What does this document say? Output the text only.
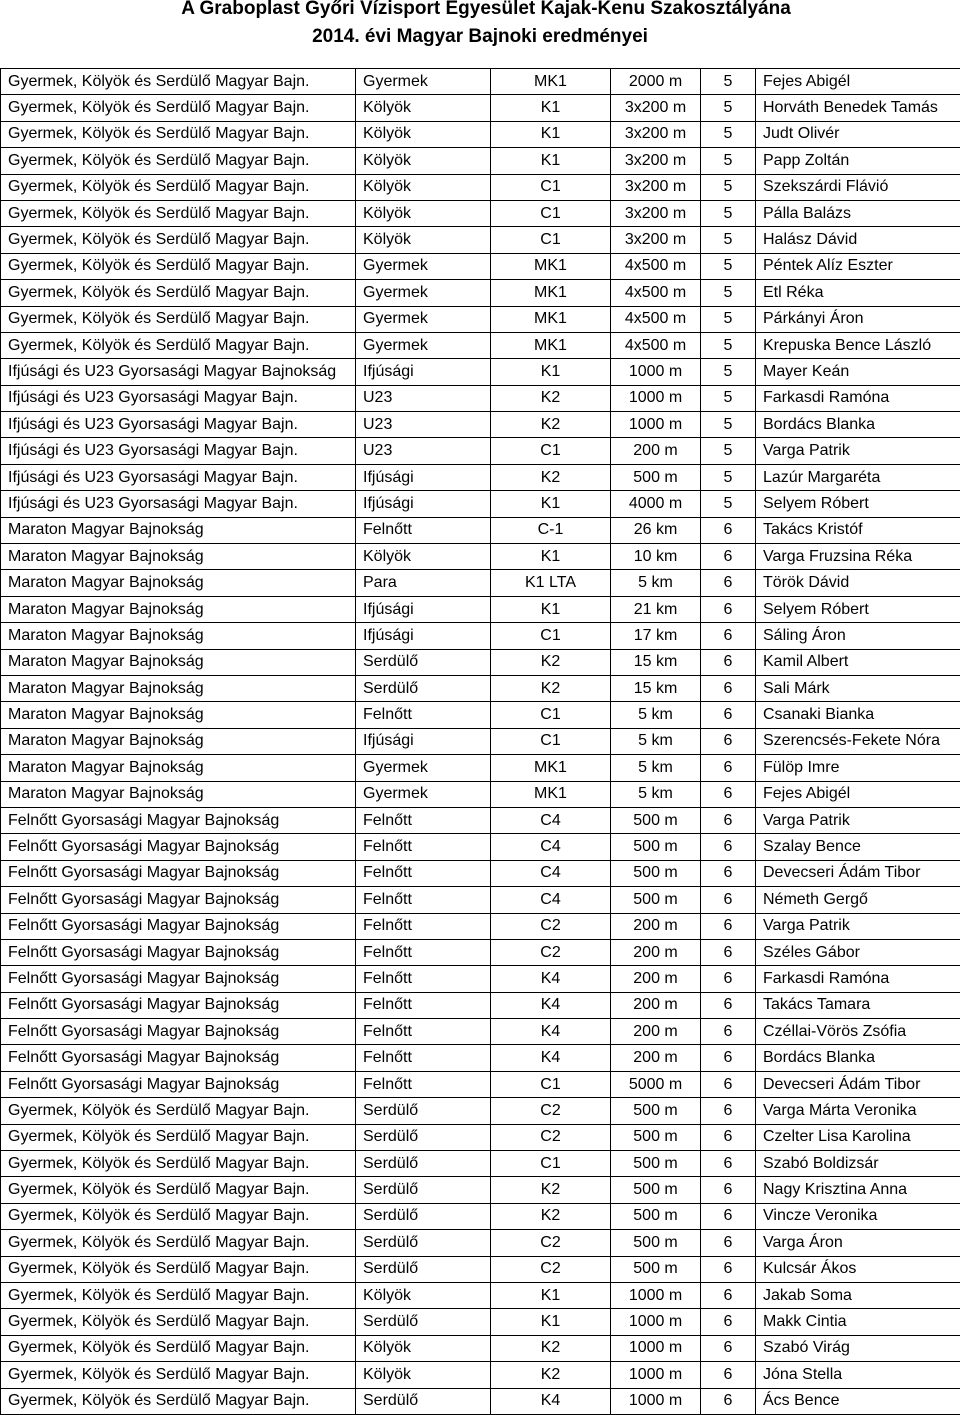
A Graboplast Győri Vízisport Egyesület Kajak-Kenu Szakosztályána
2014. évi Magyar Bajnoki eredményei
Gyermek, Kölyök és Serdülő Magyar Bajn.	Gyermek	MK1	2000 m	5	Fejes Abigél
Gyermek, Kölyök és Serdülő Magyar Bajn.	Kölyök	K1	3x200 m	5	Horváth Benedek Tamás
Gyermek, Kölyök és Serdülő Magyar Bajn.	Kölyök	K1	3x200 m	5	Judt Olivér
Gyermek, Kölyök és Serdülő Magyar Bajn.	Kölyök	K1	3x200 m	5	Papp Zoltán
Gyermek, Kölyök és Serdülő Magyar Bajn.	Kölyök	C1	3x200 m	5	Szekszárdi Flávió
Gyermek, Kölyök és Serdülő Magyar Bajn.	Kölyök	C1	3x200 m	5	Pálla Balázs
Gyermek, Kölyök és Serdülő Magyar Bajn.	Kölyök	C1	3x200 m	5	Halász Dávid
Gyermek, Kölyök és Serdülő Magyar Bajn.	Gyermek	MK1	4x500 m	5	Péntek Alíz Eszter
Gyermek, Kölyök és Serdülő Magyar Bajn.	Gyermek	MK1	4x500 m	5	Etl Réka
Gyermek, Kölyök és Serdülő Magyar Bajn.	Gyermek	MK1	4x500 m	5	Párkányi Áron
Gyermek, Kölyök és Serdülő Magyar Bajn.	Gyermek	MK1	4x500 m	5	Krepuska Bence László
Ifjúsági és U23 Gyorsasági Magyar Bajnokság	Ifjúsági	K1	1000 m	5	Mayer Keán
Ifjúsági és U23 Gyorsasági Magyar Bajn.	U23	K2	1000 m	5	Farkasdi Ramóna
Ifjúsági és U23 Gyorsasági Magyar Bajn.	U23	K2	1000 m	5	Bordács Blanka
Ifjúsági és U23 Gyorsasági Magyar Bajn.	U23	C1	200 m	5	Varga Patrik
Ifjúsági és U23 Gyorsasági Magyar Bajn.	Ifjúsági	K2	500 m	5	Lazúr Margaréta
Ifjúsági és U23 Gyorsasági Magyar Bajn.	Ifjúsági	K1	4000 m	5	Selyem Róbert
Maraton Magyar Bajnokság	Felnőtt	C-1	26 km	6	Takács Kristóf
Maraton Magyar Bajnokság	Kölyök	K1	10 km	6	Varga Fruzsina Réka
Maraton Magyar Bajnokság	Para	K1 LTA	5 km	6	Török Dávid
Maraton Magyar Bajnokság	Ifjúsági	K1	21 km	6	Selyem Róbert
Maraton Magyar Bajnokság	Ifjúsági	C1	17 km	6	Sáling Áron
Maraton Magyar Bajnokság	Serdülő	K2	15 km	6	Kamil Albert
Maraton Magyar Bajnokság	Serdülő	K2	15 km	6	Sali Márk
Maraton Magyar Bajnokság	Felnőtt	C1	5 km	6	Csanaki Bianka
Maraton Magyar Bajnokság	Ifjúsági	C1	5 km	6	Szerencsés-Fekete Nóra
Maraton Magyar Bajnokság	Gyermek	MK1	5 km	6	Fülöp Imre
Maraton Magyar Bajnokság	Gyermek	MK1	5 km	6	Fejes Abigél
Felnőtt Gyorsasági Magyar Bajnokság	Felnőtt	C4	500 m	6	Varga Patrik
Felnőtt Gyorsasági Magyar Bajnokság	Felnőtt	C4	500 m	6	Szalay Bence
Felnőtt Gyorsasági Magyar Bajnokság	Felnőtt	C4	500 m	6	Devecseri Ádám Tibor
Felnőtt Gyorsasági Magyar Bajnokság	Felnőtt	C4	500 m	6	Németh Gergő
Felnőtt Gyorsasági Magyar Bajnokság	Felnőtt	C2	200 m	6	Varga Patrik
Felnőtt Gyorsasági Magyar Bajnokság	Felnőtt	C2	200 m	6	Széles Gábor
Felnőtt Gyorsasági Magyar Bajnokság	Felnőtt	K4	200 m	6	Farkasdi Ramóna
Felnőtt Gyorsasági Magyar Bajnokság	Felnőtt	K4	200 m	6	Takács Tamara
Felnőtt Gyorsasági Magyar Bajnokság	Felnőtt	K4	200 m	6	Czéllai-Vörös Zsófia
Felnőtt Gyorsasági Magyar Bajnokság	Felnőtt	K4	200 m	6	Bordács Blanka
Felnőtt Gyorsasági Magyar Bajnokság	Felnőtt	C1	5000 m	6	Devecseri Ádám Tibor
Gyermek, Kölyök és Serdülő Magyar Bajn.	Serdülő	C2	500 m	6	Varga Márta Veronika
Gyermek, Kölyök és Serdülő Magyar Bajn.	Serdülő	C2	500 m	6	Czelter Lisa Karolina
Gyermek, Kölyök és Serdülő Magyar Bajn.	Serdülő	C1	500 m	6	Szabó Boldizsár
Gyermek, Kölyök és Serdülő Magyar Bajn.	Serdülő	K2	500 m	6	Nagy Krisztina Anna
Gyermek, Kölyök és Serdülő Magyar Bajn.	Serdülő	K2	500 m	6	Vincze Veronika
Gyermek, Kölyök és Serdülő Magyar Bajn.	Serdülő	C2	500 m	6	Varga Áron
Gyermek, Kölyök és Serdülő Magyar Bajn.	Serdülő	C2	500 m	6	Kulcsár Ákos
Gyermek, Kölyök és Serdülő Magyar Bajn.	Kölyök	K1	1000 m	6	Jakab Soma
Gyermek, Kölyök és Serdülő Magyar Bajn.	Serdülő	K1	1000 m	6	Makk Cintia
Gyermek, Kölyök és Serdülő Magyar Bajn.	Kölyök	K2	1000 m	6	Szabó Virág
Gyermek, Kölyök és Serdülő Magyar Bajn.	Kölyök	K2	1000 m	6	Jóna Stella
Gyermek, Kölyök és Serdülő Magyar Bajn.	Serdülő	K4	1000 m	6	Ács Bence
